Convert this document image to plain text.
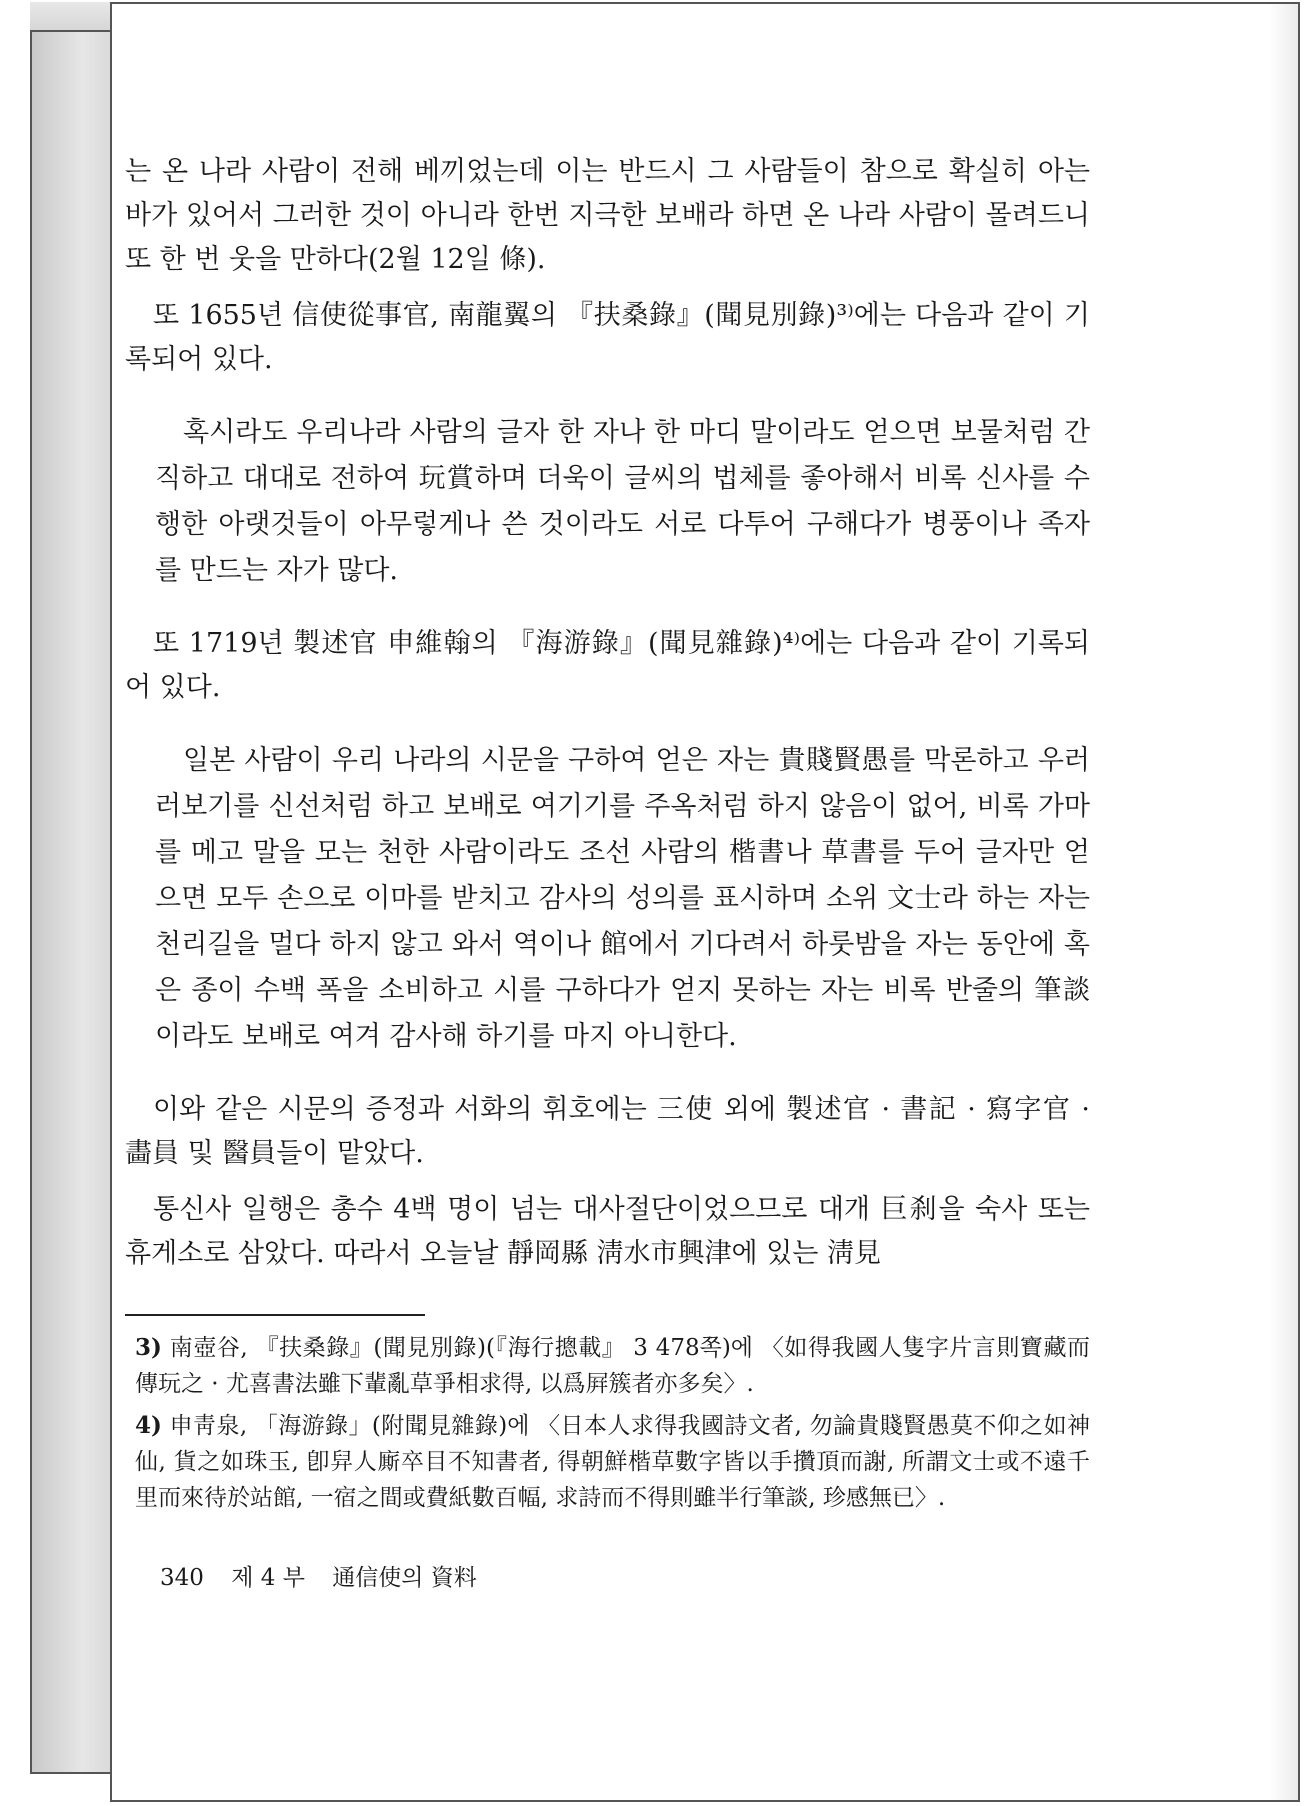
는 온 나라 사람이 전해 베끼었는데 이는 반드시 그 사람들이 참으로 확실히 아는 바가 있어서 그러한 것이 아니라 한번 지극한 보배라 하면 온 나라 사람이 몰려드니 또 한 번 웃을 만하다(2월 12일 條).

또 1655년 信使從事官, 南龍翼의 『扶桑錄』(聞見別錄)³⁾에는 다음과 같이 기록되어 있다.

혹시라도 우리나라 사람의 글자 한 자나 한 마디 말이라도 얻으면 보물처럼 간직하고 대대로 전하여 玩賞하며 더욱이 글씨의 법체를 좋아해서 비록 신사를 수행한 아랫것들이 아무렇게나 쓴 것이라도 서로 다투어 구해다가 병풍이나 족자를 만드는 자가 많다.

또 1719년 製述官 申維翰의 『海游錄』(聞見雜錄)⁴⁾에는 다음과 같이 기록되어 있다.

일본 사람이 우리 나라의 시문을 구하여 얻은 자는 貴賤賢愚를 막론하고 우러러보기를 신선처럼 하고 보배로 여기기를 주옥처럼 하지 않음이 없어, 비록 가마를 메고 말을 모는 천한 사람이라도 조선 사람의 楷書나 草書를 두어 글자만 얻으면 모두 손으로 이마를 받치고 감사의 성의를 표시하며 소위 文士라 하는 자는 천리길을 멀다 하지 않고 와서 역이나 館에서 기다려서 하룻밤을 자는 동안에 혹은 종이 수백 폭을 소비하고 시를 구하다가 얻지 못하는 자는 비록 반줄의 筆談이라도 보배로 여겨 감사해 하기를 마지 아니한다.

이와 같은 시문의 증정과 서화의 휘호에는 三使 외에 製述官 · 書記 · 寫字官 · 畵員 및 醫員들이 맡았다.

통신사 일행은 총수 4백 명이 넘는 대사절단이었으므로 대개 巨刹을 숙사 또는 휴게소로 삼았다. 따라서 오늘날 靜岡縣 淸水市興津에 있는 淸見

3) 南壺谷, 『扶桑錄』(聞見別錄)(『海行摠載』 3 478쪽)에 〈如得我國人隻字片言則寶藏而傳玩之 · 尤喜書法雖下輩亂草爭相求得, 以爲屛簇者亦多矣〉.

4) 申靑泉, 「海游錄」(附聞見雜錄)에 〈日本人求得我國詩文者, 勿論貴賤賢愚莫不仰之如神仙, 貨之如珠玉, 卽舁人廝卒目不知書者, 得朝鮮楷草數字皆以手攢頂而謝, 所謂文士或不遠千里而來待於站館, 一宿之間或費紙數百幅, 求詩而不得則雖半行筆談, 珍感無已〉.

340 제 4 부 通信使의 資料
